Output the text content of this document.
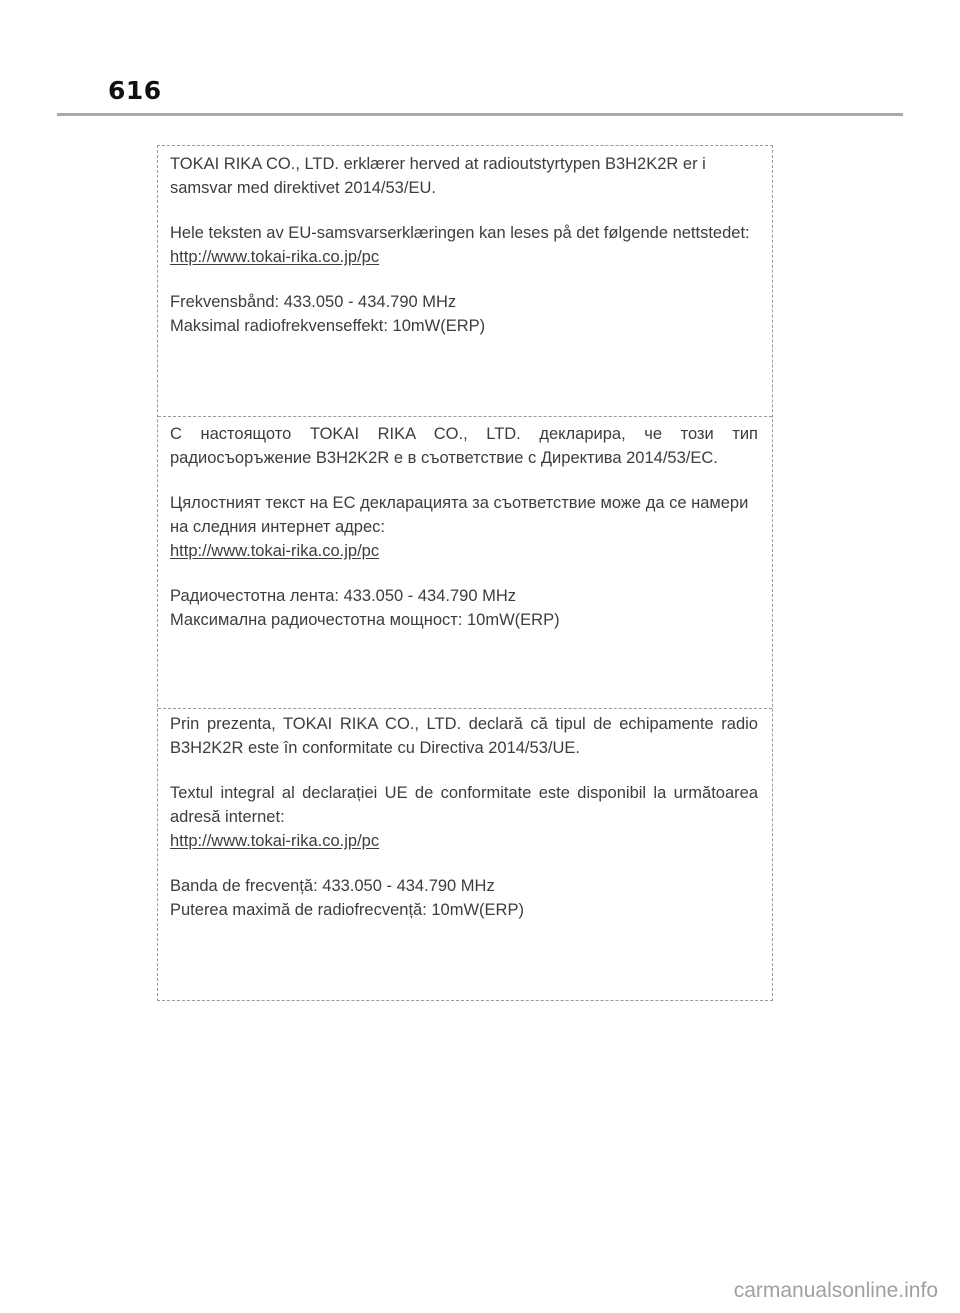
616

TOKAI RIKA CO., LTD. erklærer herved at radioutstyrtypen B3H2K2R er i samsvar med direktivet 2014/53/EU.

Hele teksten av EU-samsvarserklæringen kan leses på det følgende nettstedet:

http://www.tokai-rika.co.jp/pc

Frekvensbånd: 433.050 - 434.790 MHz

Maksimal radiofrekvenseffekt: 10mW(ERP)

С настоящото TOKAI RIKA CO., LTD. декларира, че този тип радиосъоръжение B3H2K2R е в съответствие с Директива 2014/53/ЕС.

Цялостният текст на ЕС декларацията за съответствие може да се намери на следния интернет адрес:

http://www.tokai-rika.co.jp/pc

Радиочестотна лента: 433.050 - 434.790 MHz

Максимална радиочестотна мощност: 10mW(ERP)

Prin prezenta, TOKAI RIKA CO., LTD. declară că tipul de echipamente radio B3H2K2R este în conformitate cu Directiva 2014/53/UE.

Textul integral al declarației UE de conformitate este disponibil la următoarea adresă internet:

http://www.tokai-rika.co.jp/pc

Banda de frecvență: 433.050 - 434.790 MHz

Puterea maximă de radiofrecvență: 10mW(ERP)

carmanualsonline.info
